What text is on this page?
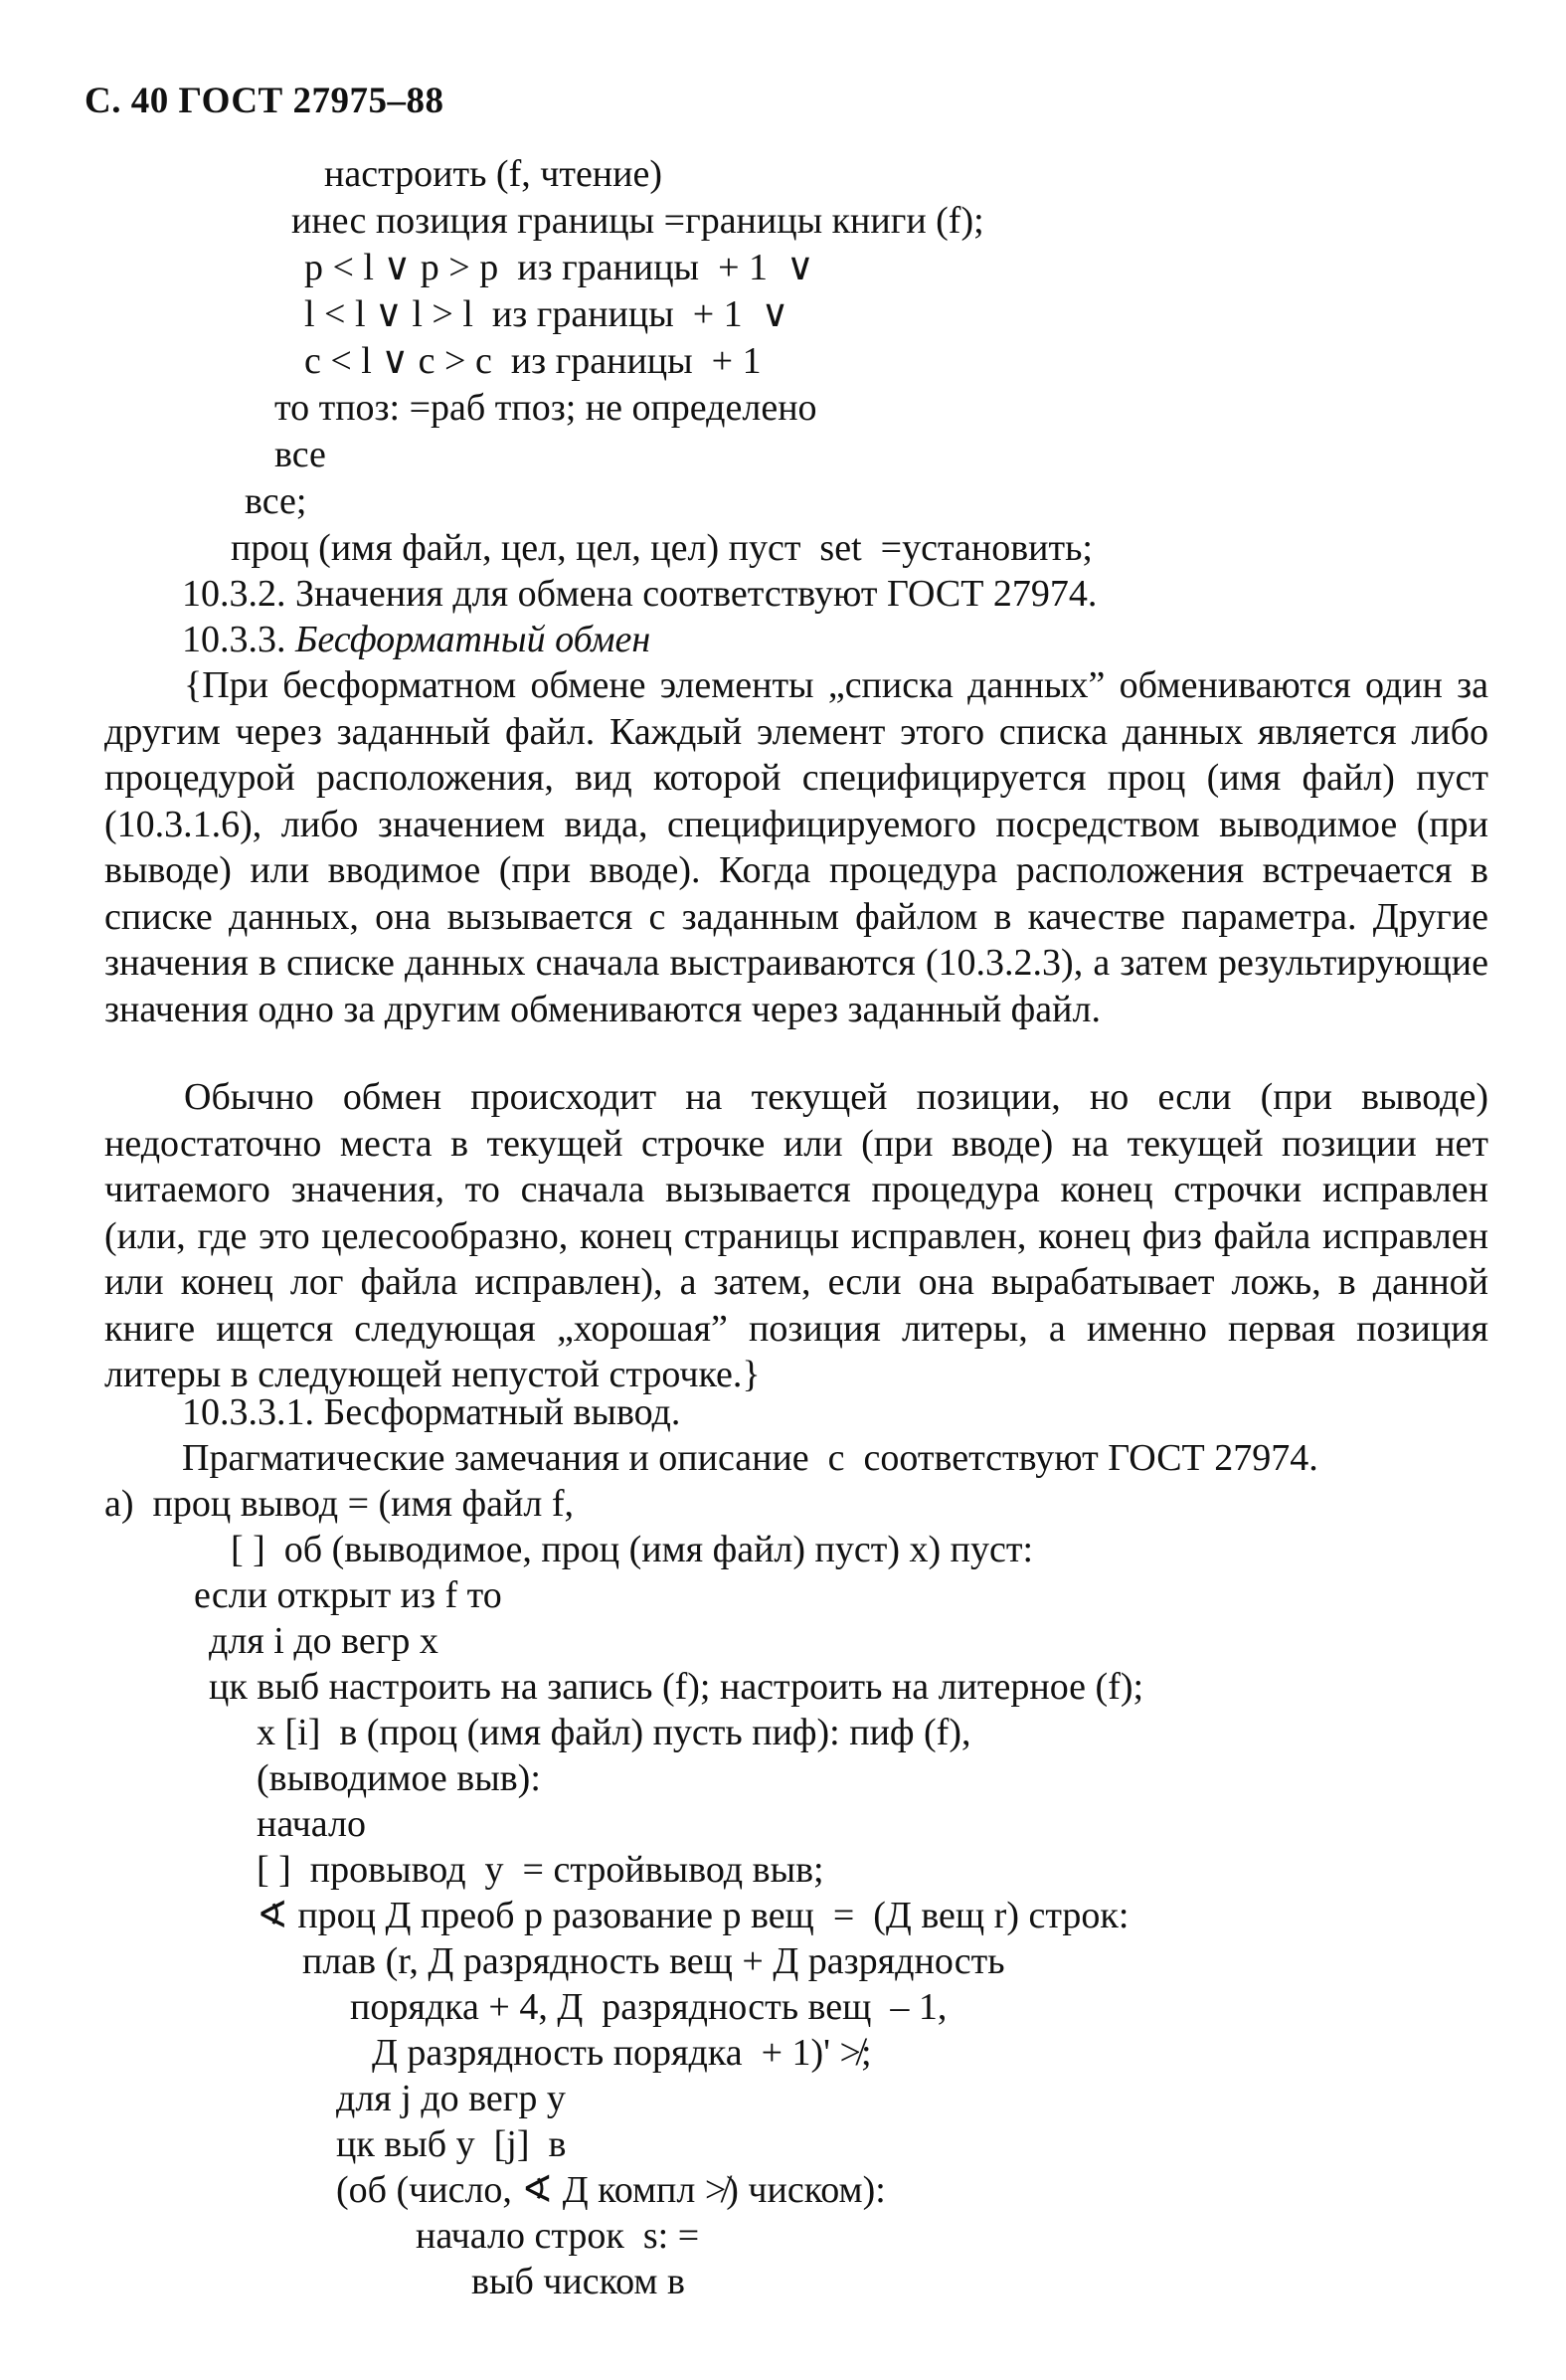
С. 40 ГОСТ 27975–88
настроить (f, чтение)
инес позиция границы =границы книги (f);
p < l ∨ p > p  из границы  + 1  ∨
l < l ∨ l > l  из границы  + 1  ∨
c < l ∨ c > c  из границы  + 1
то тпоз: =раб тпоз; не определено
все
все;
проц (имя файл, цел, цел, цел) пуст  set  =установить;
10.3.2. Значения для обмена соответствуют ГОСТ 27974.
10.3.3. Бесформатный обмен
{При бесформатном обмене элементы „списка данных” обмениваются один за другим через заданный файл. Каждый элемент этого списка данных является либо процедурой расположения, вид которой специфицируется проц (имя файл) пуст (10.3.1.6), либо значением вида, специфицируемого посредством выводимое (при выводе) или вводимое (при вводе). Когда процедура расположения встречается в списке данных, она вызывается с заданным файлом в качестве параметра. Другие значения в списке данных сначала выстраиваются (10.3.2.3), а затем результирующие значения одно за другим обмениваются через заданный файл.
Обычно обмен происходит на текущей позиции, но если (при выводе) недостаточно места в текущей строчке или (при вводе) на текущей позиции нет читаемого значения, то сначала вызывается процедура конец строчки исправлен (или, где это целесообразно, конец страницы исправлен, конец физ файла исправлен или конец лог файла исправлен), а затем, если она вырабатывает ложь, в данной книге ищется следующая „хорошая” позиция литеры, а именно первая позиция литеры в следующей непустой строчке.}
10.3.3.1. Бесформатный вывод.
Прагматические замечания и описание  c  соответствуют ГОСТ 27974.
а)  проц вывод = (имя файл f,
[ ]  об (выводимое, проц (имя файл) пуст) x) пуст:
если открыт из f то
для i до вегр x
цк выб настроить на запись (f); настроить на литерное (f);
x [i]  в (проц (имя файл) пусть пиф): пиф (f),
(выводимое выв):
начало
[ ]  провывод  y  = стройвывод выв;
∢ проц Д преоб р разование р вещ  =  (Д вещ r) строк:
плав (r, Д разрядность вещ + Д разрядность
порядка + 4, Д  разрядность вещ  – 1,
Д разрядность порядка  + 1)' ≯;
для j до вегр y
цк выб y  [j]  в
(об (число, ∢ Д компл ≯) чиском):
начало строк  s: =
выб чиском в
